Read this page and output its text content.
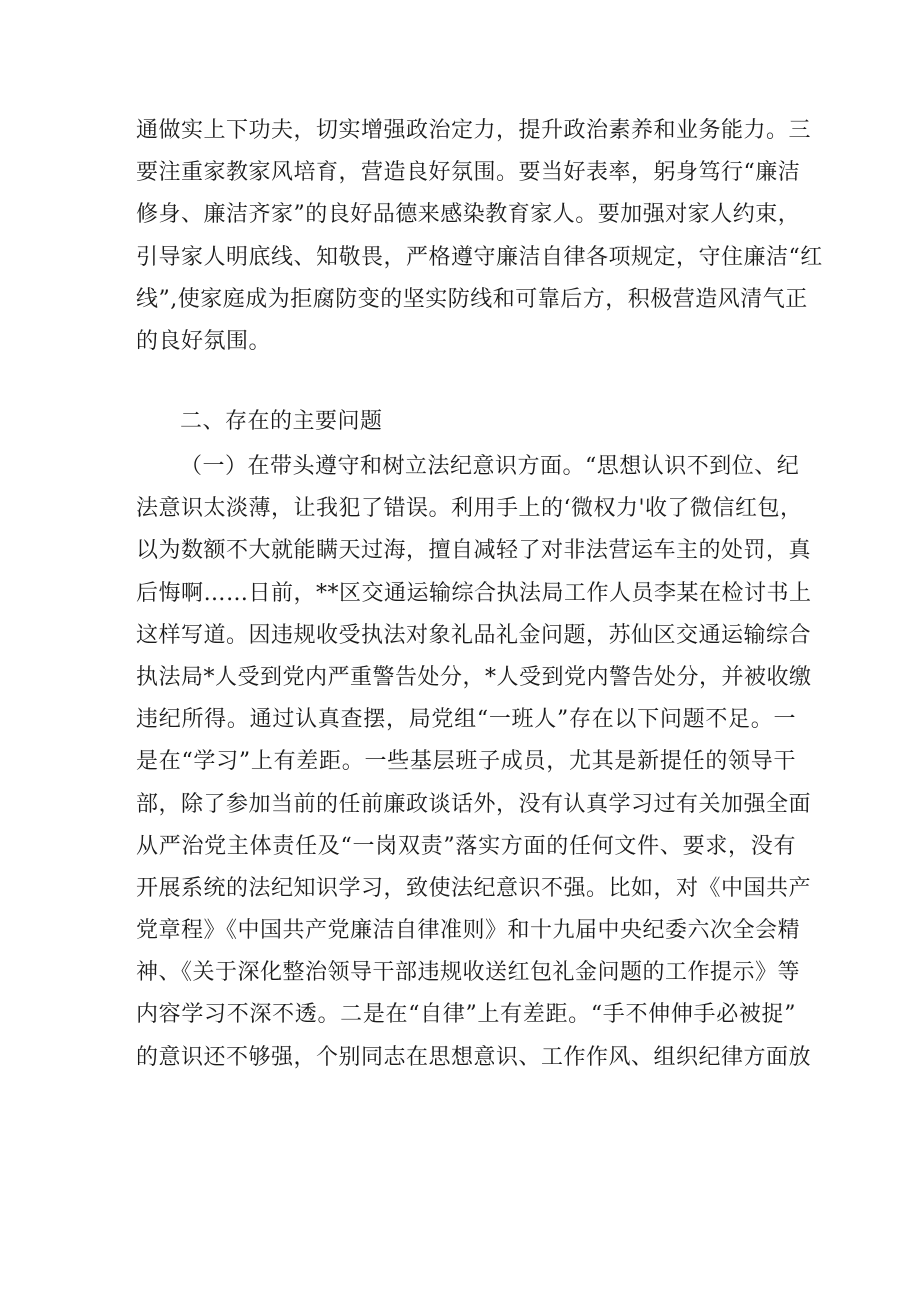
通做实上下功夫，切实增强政治定力，提升政治素养和业务能力。三
要注重家教家风培育，营造良好氛围。要当好表率，躬身笃行“廉洁
修身、廉洁齐家”的良好品德来感染教育家人。要加强对家人约束，
引导家人明底线、知敬畏，严格遵守廉洁自律各项规定，守住廉洁“红
线”,使家庭成为拒腐防变的坚实防线和可靠后方，积极营造风清气正
的良好氛围。
二、存在的主要问题
（一）在带头遵守和树立法纪意识方面。“思想认识不到位、纪
法意识太淡薄，让我犯了错误。利用手上的‘微权力'收了微信红包，
以为数额不大就能瞒天过海，擅自减轻了对非法营运车主的处罚，真
后悔啊……日前，**区交通运输综合执法局工作人员李某在检讨书上
这样写道。因违规收受执法对象礼品礼金问题，苏仙区交通运输综合
执法局*人受到党内严重警告处分，*人受到党内警告处分，并被收缴
违纪所得。通过认真查摆，局党组“一班人”存在以下问题不足。一
是在“学习”上有差距。一些基层班子成员，尤其是新提任的领导干
部，除了参加当前的任前廉政谈话外，没有认真学习过有关加强全面
从严治党主体责任及“一岗双责”落实方面的任何文件、要求，没有
开展系统的法纪知识学习，致使法纪意识不强。比如，对《中国共产
党章程》《中国共产党廉洁自律准则》和十九届中央纪委六次全会精
神、《关于深化整治领导干部违规收送红包礼金问题的工作提示》等
内容学习不深不透。二是在“自律”上有差距。“手不伸伸手必被捉”
的意识还不够强，个别同志在思想意识、工作作风、组织纪律方面放
